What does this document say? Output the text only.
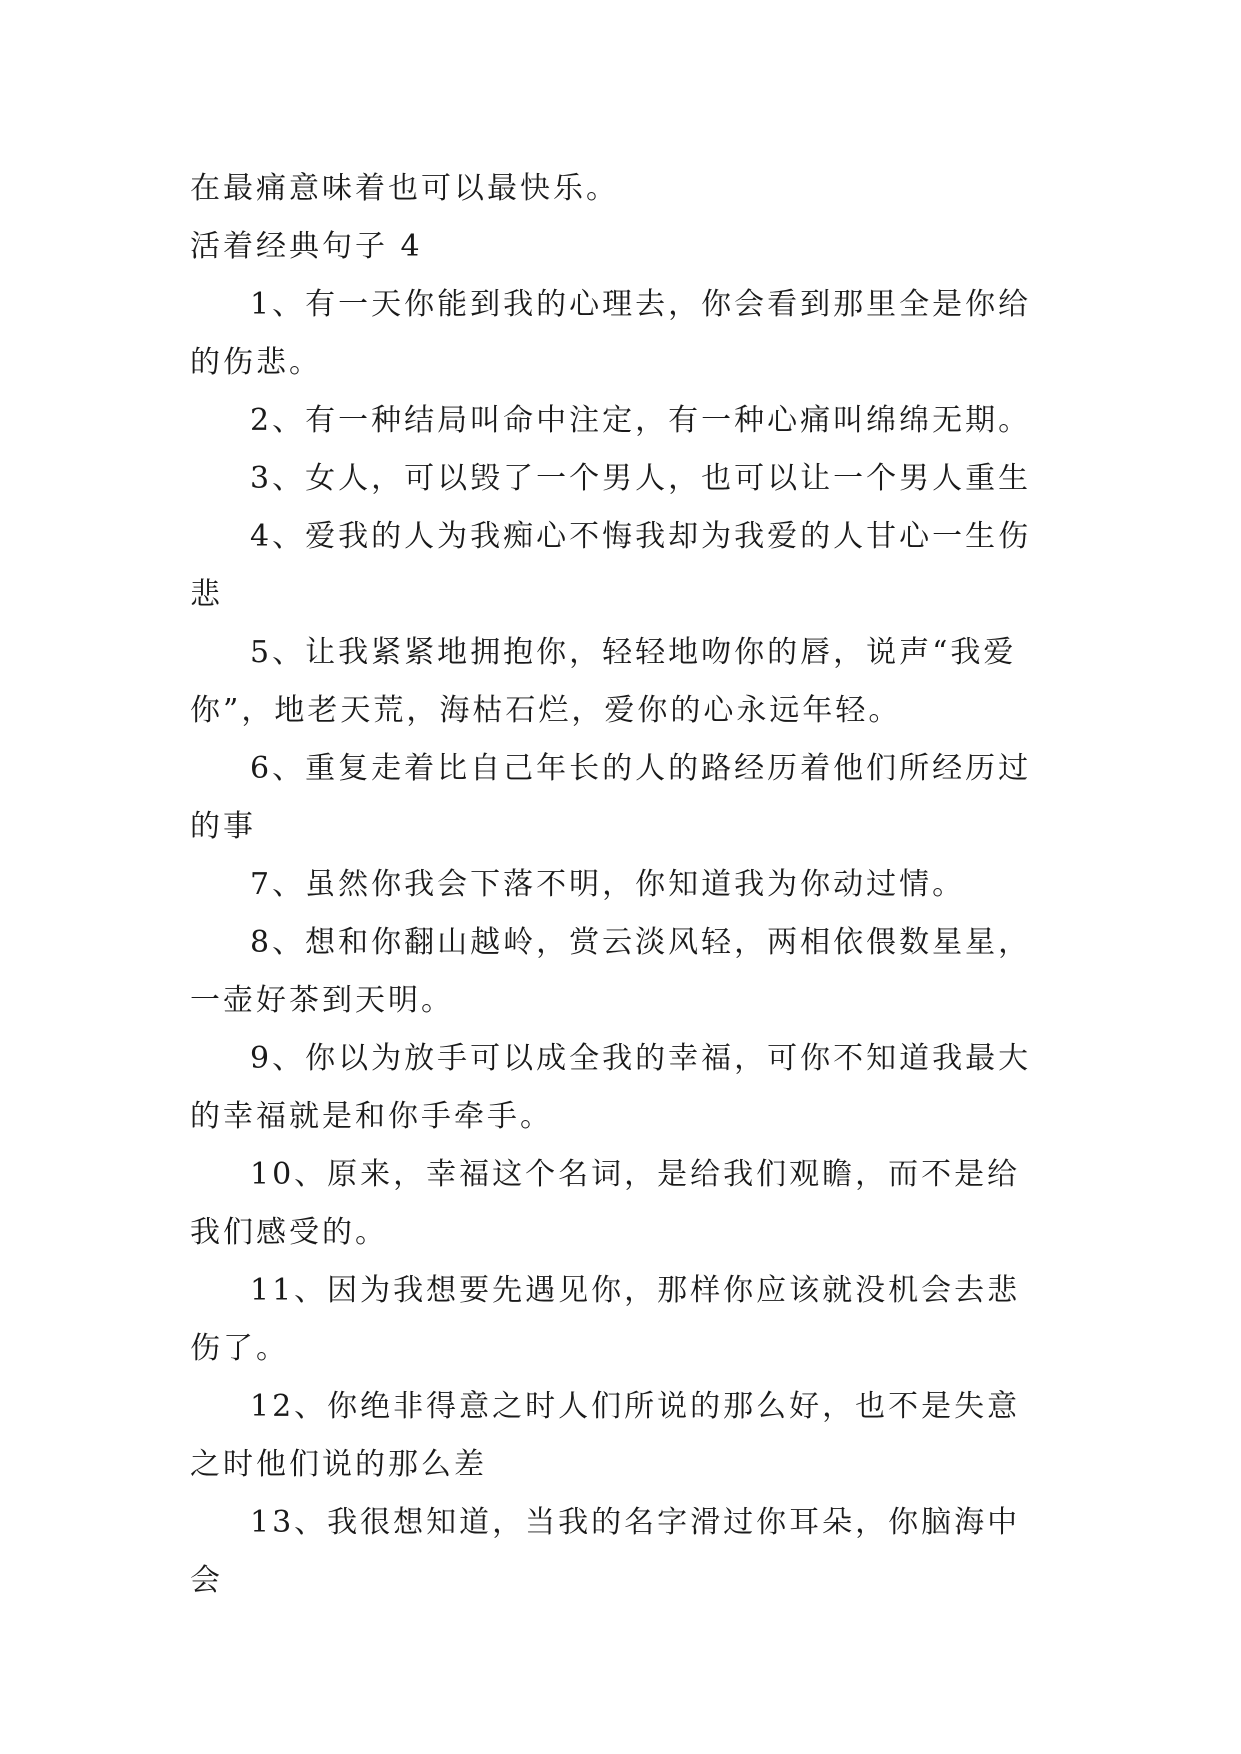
在最痛意味着也可以最快乐。

活着经典句子 4

1、有一天你能到我的心理去，你会看到那里全是你给的伤悲。

2、有一种结局叫命中注定，有一种心痛叫绵绵无期。

3、女人，可以毁了一个男人，也可以让一个男人重生

4、爱我的人为我痴心不悔我却为我爱的人甘心一生伤悲

5、让我紧紧地拥抱你，轻轻地吻你的唇，说声“我爱你”，地老天荒，海枯石烂，爱你的心永远年轻。

6、重复走着比自己年长的人的路经历着他们所经历过的事

7、虽然你我会下落不明，你知道我为你动过情。

8、想和你翻山越岭，赏云淡风轻，两相依偎数星星，一壶好茶到天明。

9、你以为放手可以成全我的幸福，可你不知道我最大的幸福就是和你手牵手。

10、原来，幸福这个名词，是给我们观瞻，而不是给我们感受的。

11、因为我想要先遇见你，那样你应该就没机会去悲伤了。

12、你绝非得意之时人们所说的那么好，也不是失意之时他们说的那么差

13、我很想知道，当我的名字滑过你耳朵，你脑海中会
